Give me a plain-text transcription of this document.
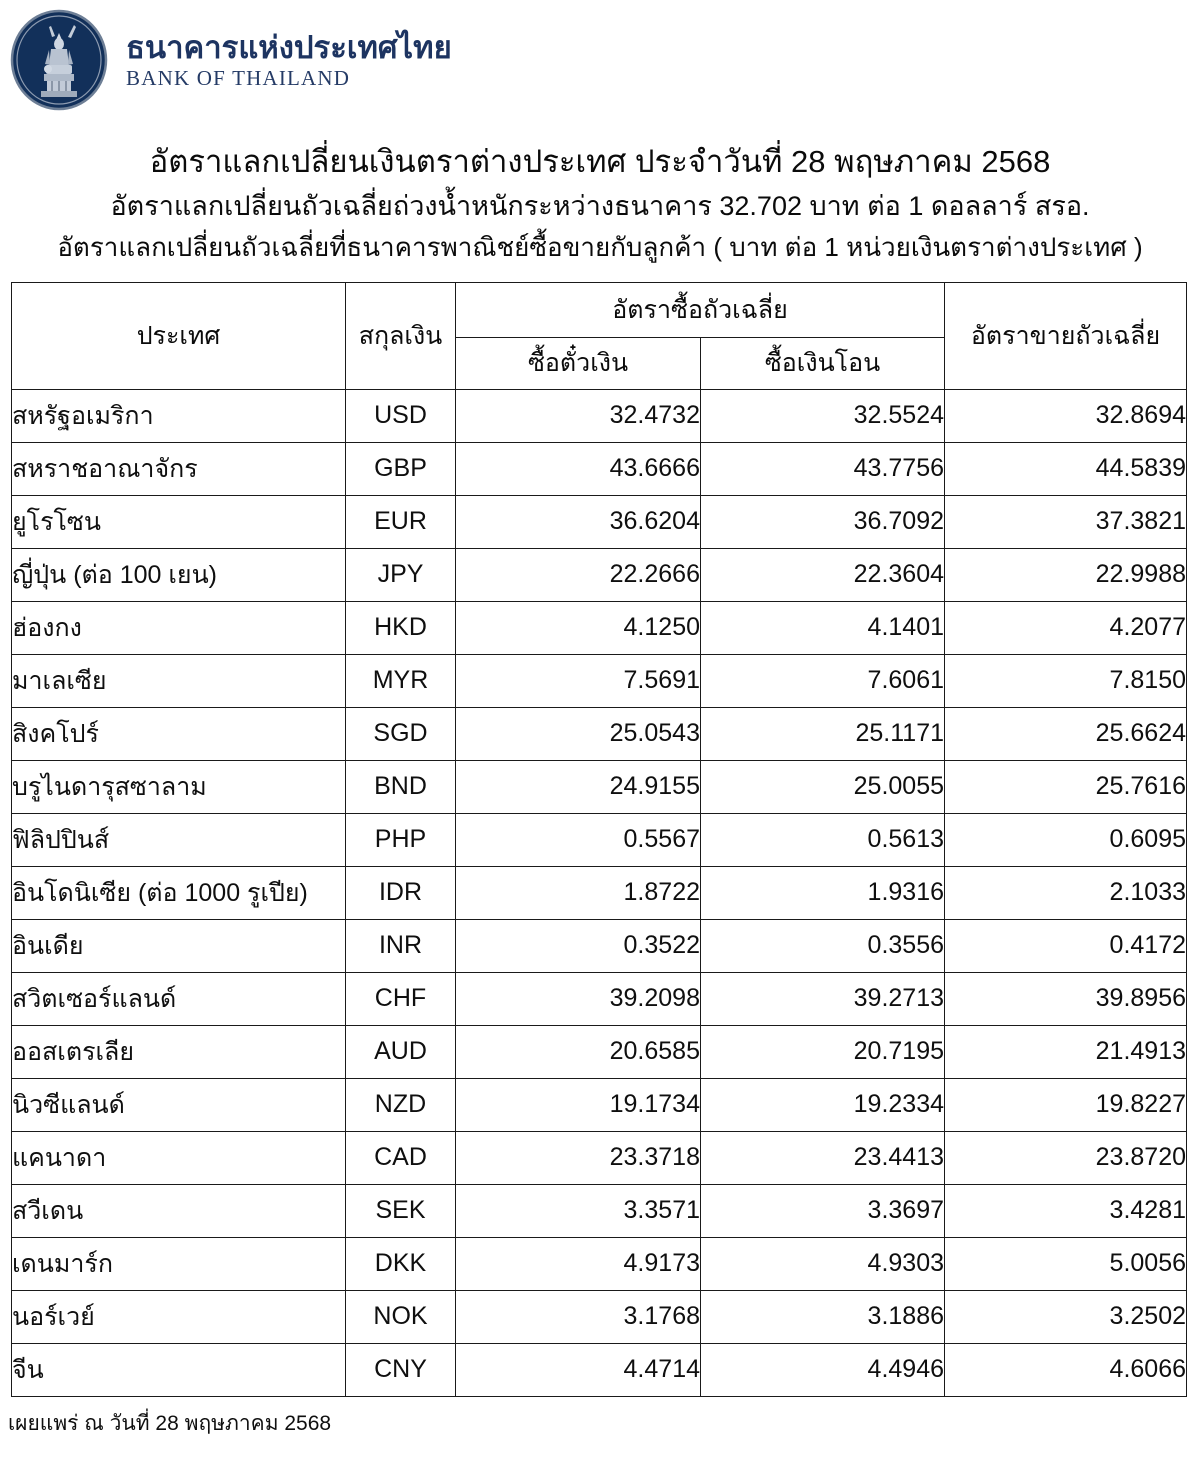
ธนาคารแห่งประเทศไทย
BANK OF THAILAND
อัตราแลกเปลี่ยนเงินตราต่างประเทศ ประจำวันที่ 28 พฤษภาคม 2568
อัตราแลกเปลี่ยนถัวเฉลี่ยถ่วงน้ำหนักระหว่างธนาคาร 32.702 บาท ต่อ 1 ดอลลาร์ สรอ.
อัตราแลกเปลี่ยนถัวเฉลี่ยที่ธนาคารพาณิชย์ซื้อขายกับลูกค้า ( บาท ต่อ 1 หน่วยเงินตราต่างประเทศ )
ประเทศ	สกุลเงิน	อัตราซื้อถัวเฉลี่ย		อัตราขายถัวเฉลี่ย
		ซื้อตั๋วเงิน	ซื้อเงินโอน	
สหรัฐอเมริกา	USD	32.4732	32.5524	32.8694
สหราชอาณาจักร	GBP	43.6666	43.7756	44.5839
ยูโรโซน	EUR	36.6204	36.7092	37.3821
ญี่ปุ่น (ต่อ 100 เยน)	JPY	22.2666	22.3604	22.9988
ฮ่องกง	HKD	4.1250	4.1401	4.2077
มาเลเซีย	MYR	7.5691	7.6061	7.8150
สิงคโปร์	SGD	25.0543	25.1171	25.6624
บรูไนดารุสซาลาม	BND	24.9155	25.0055	25.7616
ฟิลิปปินส์	PHP	0.5567	0.5613	0.6095
อินโดนิเซีย (ต่อ 1000 รูเปีย)	IDR	1.8722	1.9316	2.1033
อินเดีย	INR	0.3522	0.3556	0.4172
สวิตเซอร์แลนด์	CHF	39.2098	39.2713	39.8956
ออสเตรเลีย	AUD	20.6585	20.7195	21.4913
นิวซีแลนด์	NZD	19.1734	19.2334	19.8227
แคนาดา	CAD	23.3718	23.4413	23.8720
สวีเดน	SEK	3.3571	3.3697	3.4281
เดนมาร์ก	DKK	4.9173	4.9303	5.0056
นอร์เวย์	NOK	3.1768	3.1886	3.2502
จีน	CNY	4.4714	4.4946	4.6066
เผยแพร่ ณ วันที่ 28 พฤษภาคม 2568
